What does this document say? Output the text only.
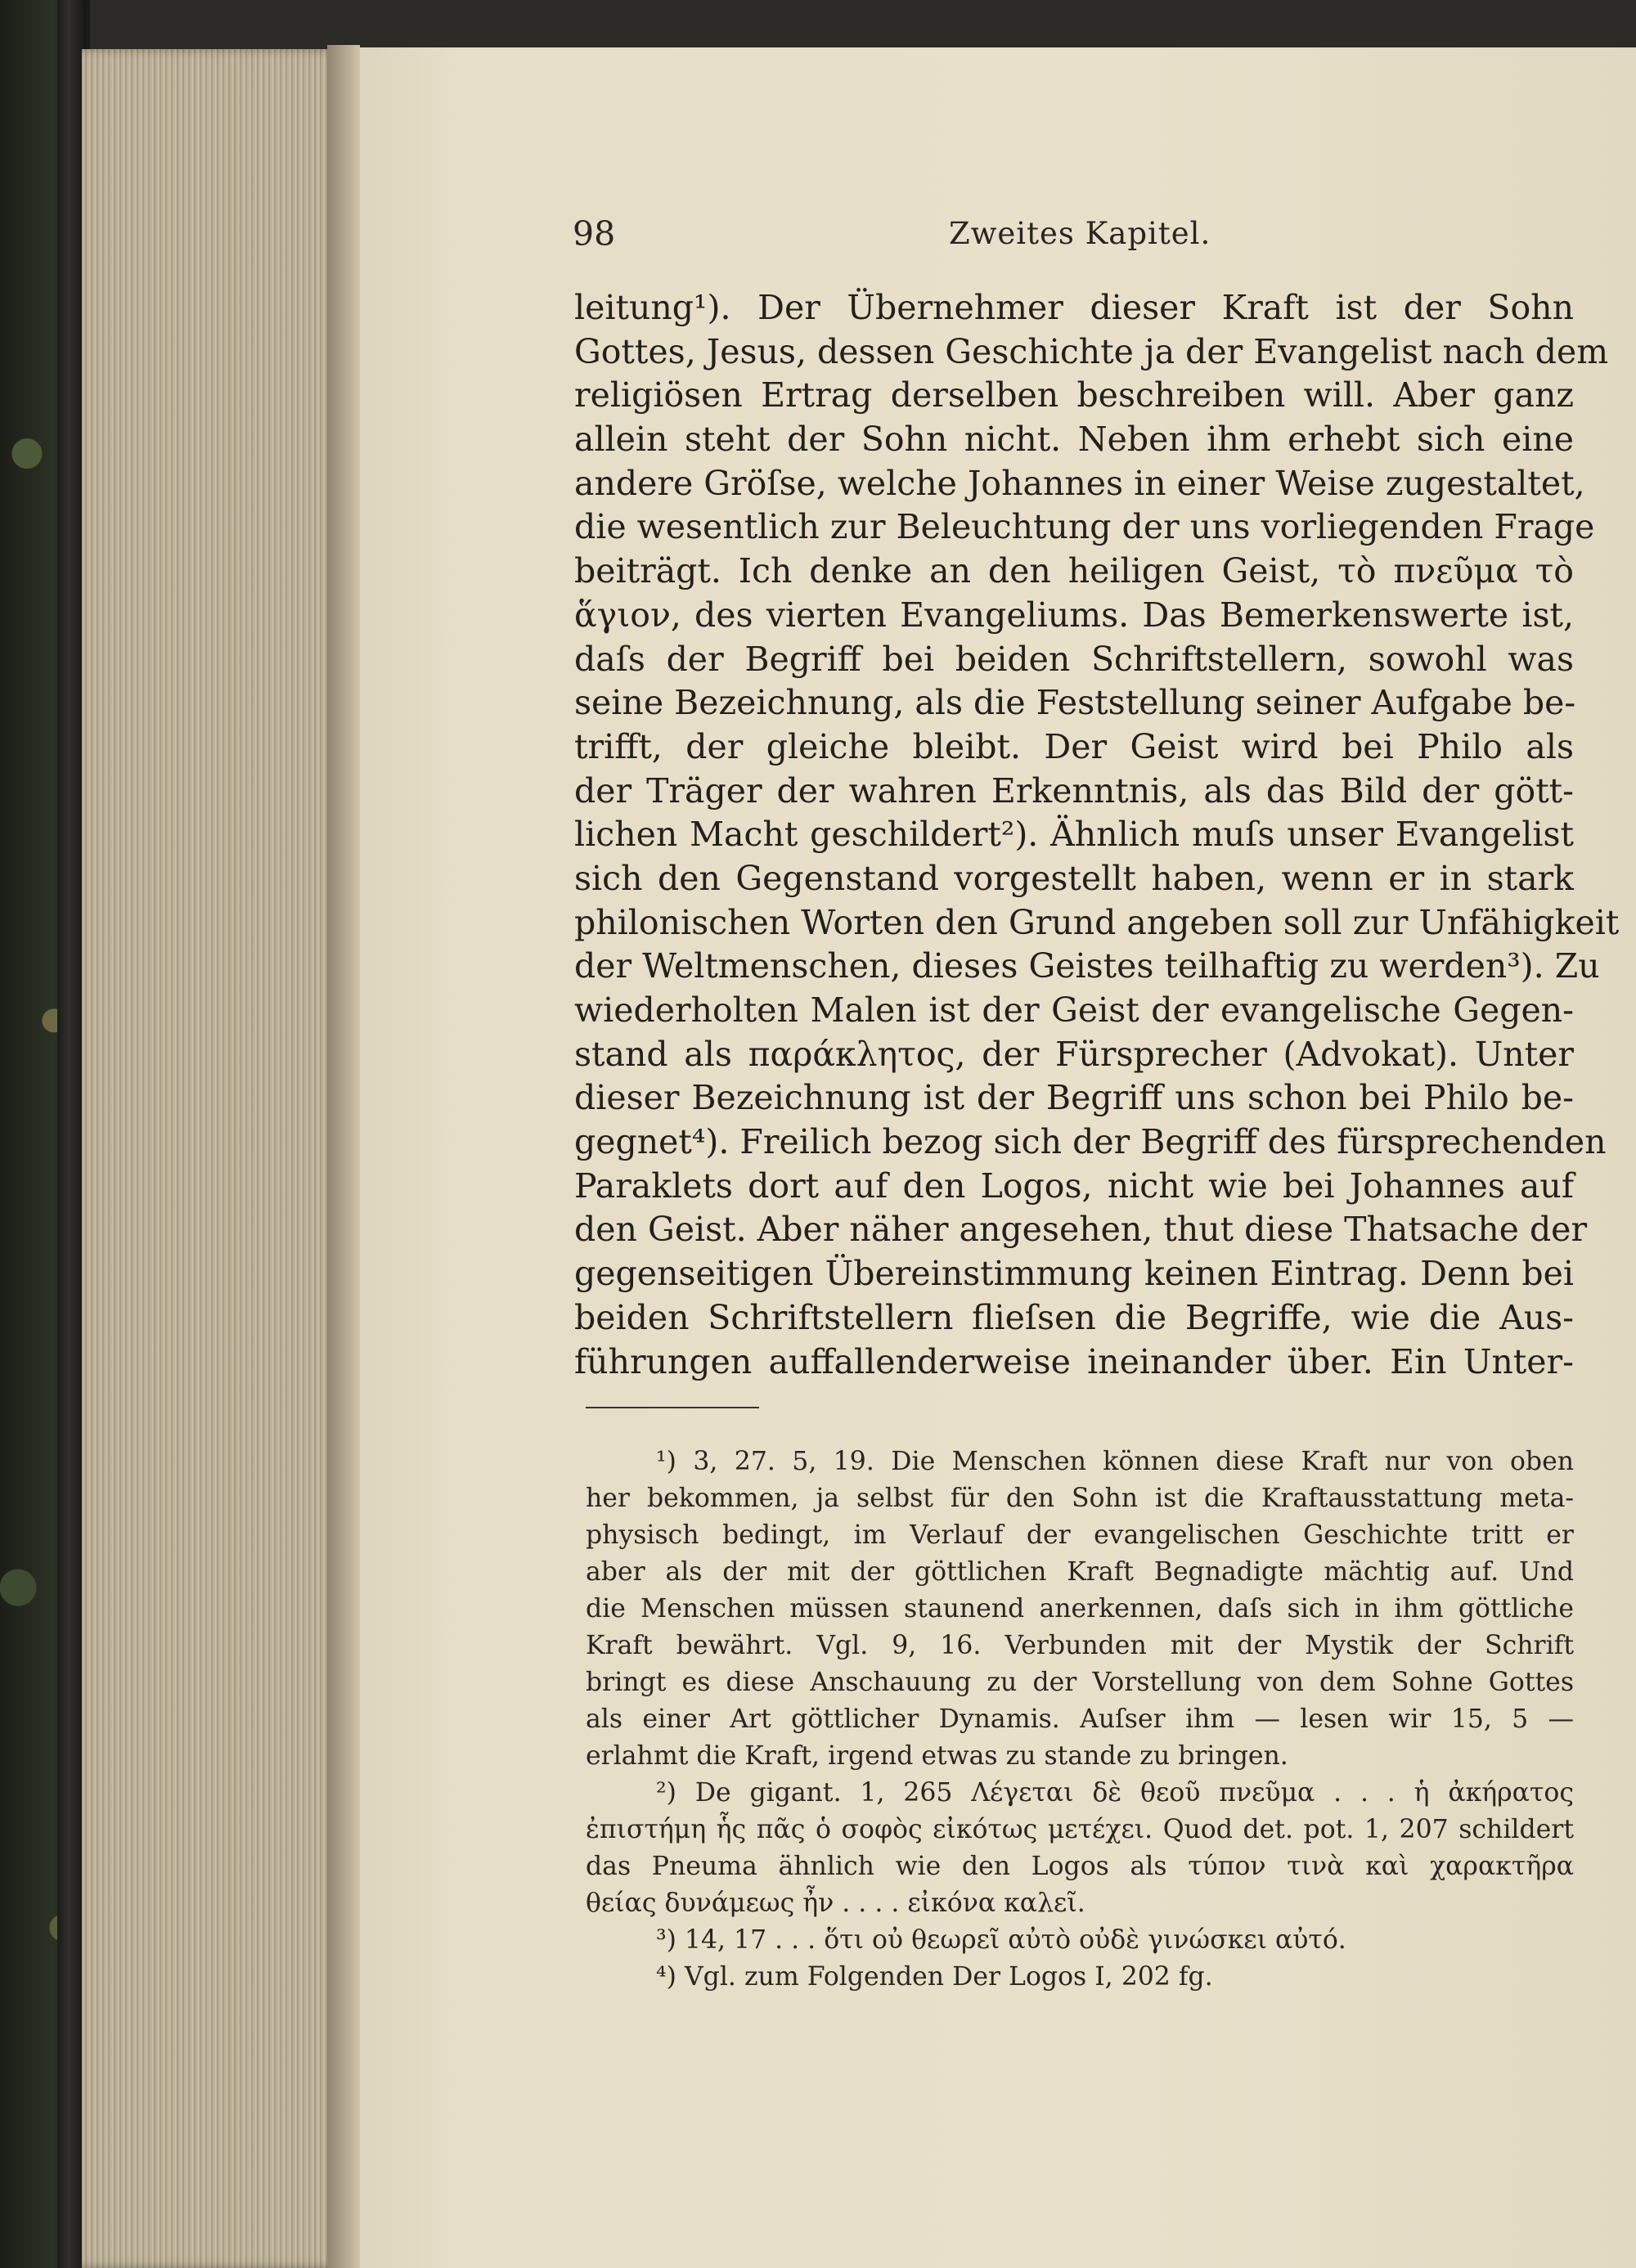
98	Zweites Kapitel.
leitung¹). Der Übernehmer dieser Kraft ist der Sohn
Gottes, Jesus, dessen Geschichte ja der Evangelist nach dem
religiösen Ertrag derselben beschreiben will. Aber ganz
allein steht der Sohn nicht. Neben ihm erhebt sich eine
andere Gröſse, welche Johannes in einer Weise zugestaltet,
die wesentlich zur Beleuchtung der uns vorliegenden Frage
beiträgt. Ich denke an den heiligen Geist, τὸ πνεῦμα τὸ
ἅγιον, des vierten Evangeliums. Das Bemerkenswerte ist,
daſs der Begriff bei beiden Schriftstellern, sowohl was
seine Bezeichnung, als die Feststellung seiner Aufgabe be-
trifft, der gleiche bleibt. Der Geist wird bei Philo als
der Träger der wahren Erkenntnis, als das Bild der gött-
lichen Macht geschildert²). Ähnlich muſs unser Evangelist
sich den Gegenstand vorgestellt haben, wenn er in stark
philonischen Worten den Grund angeben soll zur Unfähigkeit
der Weltmenschen, dieses Geistes teilhaftig zu werden³). Zu
wiederholten Malen ist der Geist der evangelische Gegen-
stand als παράκλητος, der Fürsprecher (Advokat). Unter
dieser Bezeichnung ist der Begriff uns schon bei Philo be-
gegnet⁴). Freilich bezog sich der Begriff des fürsprechenden
Paraklets dort auf den Logos, nicht wie bei Johannes auf
den Geist. Aber näher angesehen, thut diese Thatsache der
gegenseitigen Übereinstimmung keinen Eintrag. Denn bei
beiden Schriftstellern flieſsen die Begriffe, wie die Aus-
führungen auffallenderweise ineinander über. Ein Unter-
¹) 3, 27. 5, 19. Die Menschen können diese Kraft nur von oben
her bekommen, ja selbst für den Sohn ist die Kraftausstattung meta-
physisch bedingt, im Verlauf der evangelischen Geschichte tritt er
aber als der mit der göttlichen Kraft Begnadigte mächtig auf. Und
die Menschen müssen staunend anerkennen, daſs sich in ihm göttliche
Kraft bewährt. Vgl. 9, 16. Verbunden mit der Mystik der Schrift
bringt es diese Anschauung zu der Vorstellung von dem Sohne Gottes
als einer Art göttlicher Dynamis. Auſser ihm — lesen wir 15, 5 —
erlahmt die Kraft, irgend etwas zu stande zu bringen.
²) De gigant. 1, 265 Λέγεται δὲ θεοῦ πνεῦμα . . . ἡ ἀκήρατος
ἐπιστήμη ἧς πᾶς ὁ σοφὸς εἰκότως μετέχει. Quod det. pot. 1, 207 schildert
das Pneuma ähnlich wie den Logos als τύπον τινὰ καὶ χαρακτῆρα
θείας δυνάμεως ἦν . . . . εἰκόνα καλεῖ.
³) 14, 17 . . . ὅτι οὐ θεωρεῖ αὐτὸ οὐδὲ γινώσκει αὐτό.
⁴) Vgl. zum Folgenden Der Logos I, 202 fg.
